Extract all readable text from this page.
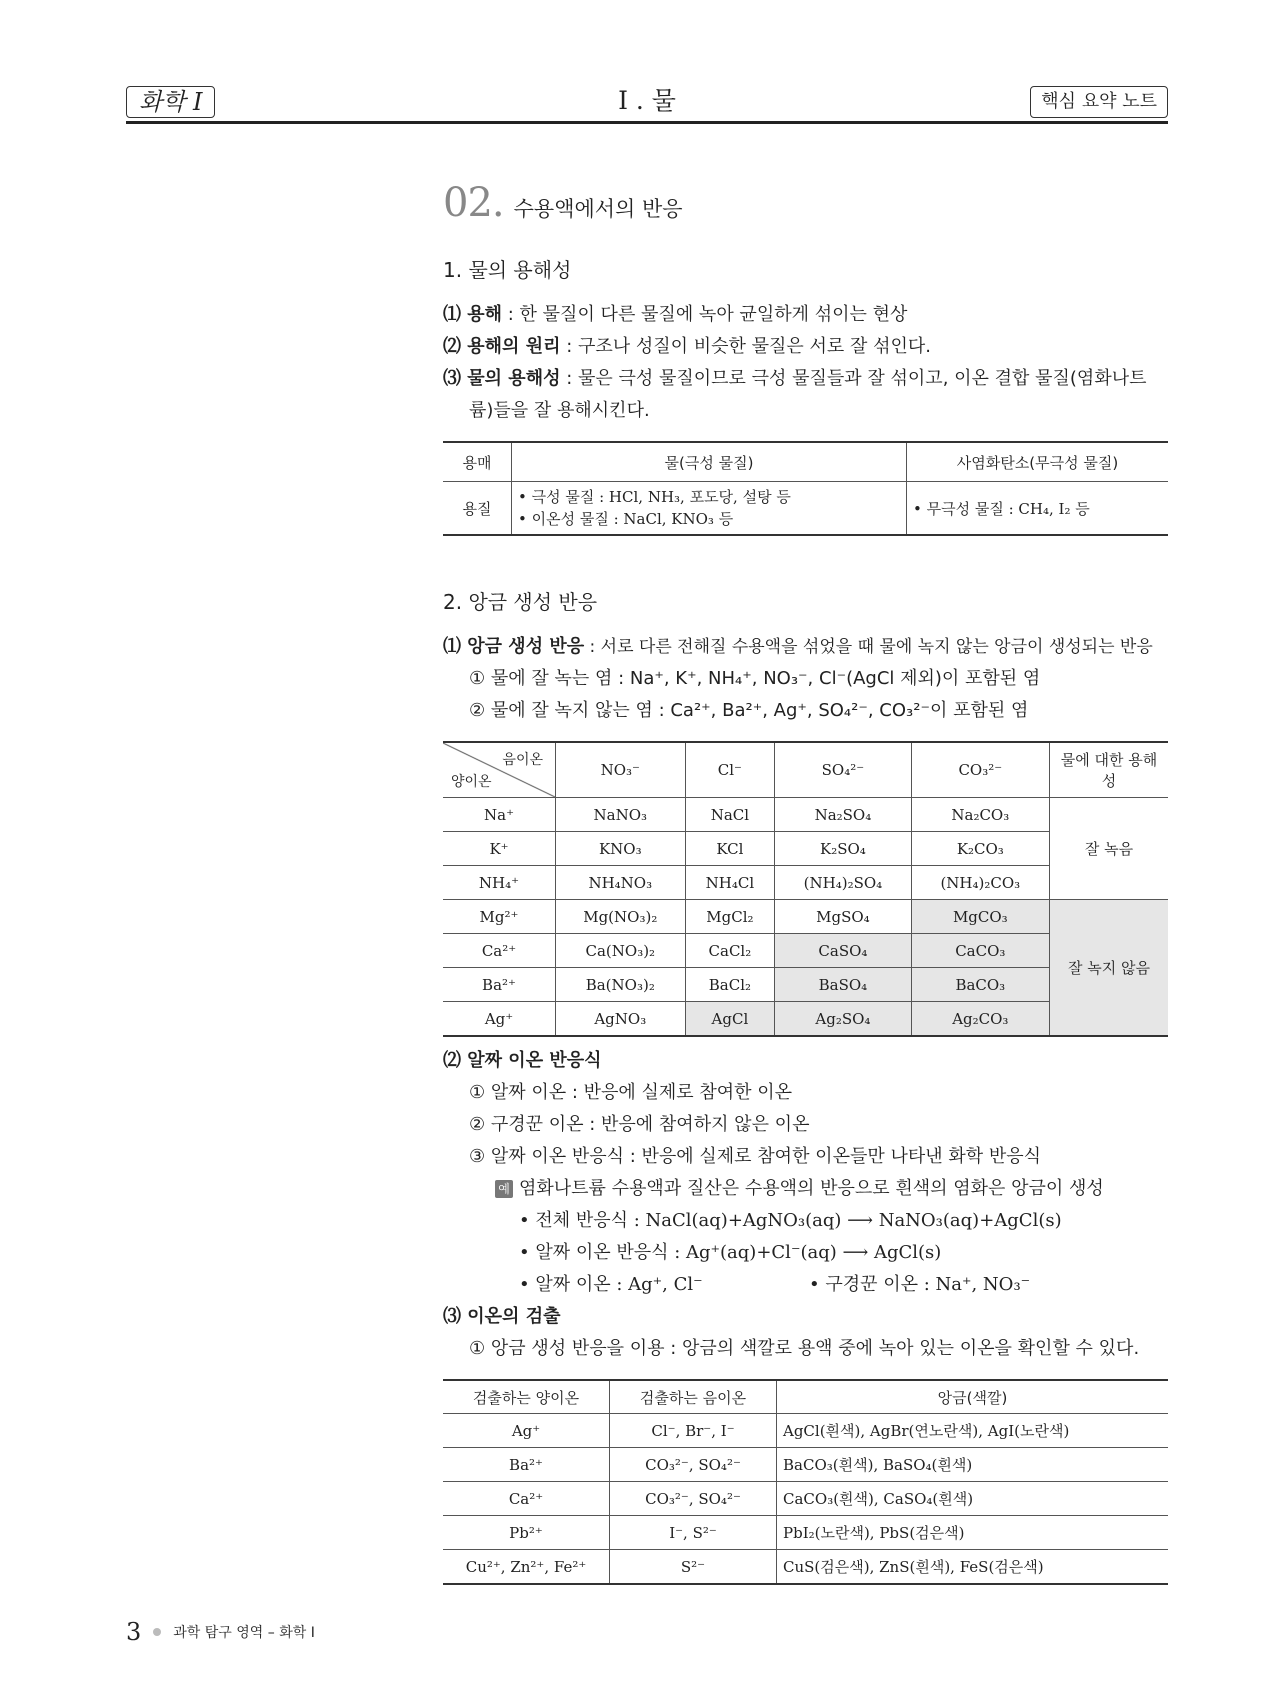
화학 I	I . 물	핵심 요약 노트
02. 수용액에서의 반응
1. 물의 용해성

⑴ 용해 : 한 물질이 다른 물질에 녹아 균일하게 섞이는 현상

⑵ 용해의 원리 : 구조나 성질이 비슷한 물질은 서로 잘 섞인다.

⑶ 물의 용해성 : 물은 극성 물질이므로 극성 물질들과 잘 섞이고, 이온 결합 물질(염화나트

륨)들을 잘 용해시킨다.

용매	물(극성 물질)	사염화탄소(무극성 물질)
용질	• 극성 물질 : HCl, NH₃, 포도당, 설탕 등
• 이온성 물질 : NaCl, KNO₃ 등	• 무극성 물질 : CH₄, I₂ 등
2. 앙금 생성 반응

⑴ 앙금 생성 반응 : 서로 다른 전해질 수용액을 섞었을 때 물에 녹지 않는 앙금이 생성되는 반응

① 물에 잘 녹는 염 : Na⁺, K⁺, NH₄⁺, NO₃⁻, Cl⁻(AgCl 제외)이 포함된 염

② 물에 잘 녹지 않는 염 : Ca²⁺, Ba²⁺, Ag⁺, SO₄²⁻, CO₃²⁻이 포함된 염

음이온
양이온	NO₃⁻	Cl⁻	SO₄²⁻	CO₃²⁻	물에 대한 용해성
Na⁺	NaNO₃	NaCl	Na₂SO₄	Na₂CO₃	잘 녹음
K⁺	KNO₃	KCl	K₂SO₄	K₂CO₃	
NH₄⁺	NH₄NO₃	NH₄Cl	(NH₄)₂SO₄	(NH₄)₂CO₃	
Mg²⁺	Mg(NO₃)₂	MgCl₂	MgSO₄	MgCO₃	잘 녹지 않음
Ca²⁺	Ca(NO₃)₂	CaCl₂	CaSO₄	CaCO₃	
Ba²⁺	Ba(NO₃)₂	BaCl₂	BaSO₄	BaCO₃	
Ag⁺	AgNO₃	AgCl	Ag₂SO₄	Ag₂CO₃	

⑵ 알짜 이온 반응식

① 알짜 이온 : 반응에 실제로 참여한 이온

② 구경꾼 이온 : 반응에 참여하지 않은 이온

③ 알짜 이온 반응식 : 반응에 실제로 참여한 이온들만 나타낸 화학 반응식

예 염화나트륨 수용액과 질산은 수용액의 반응으로 흰색의 염화은 앙금이 생성

• 전체 반응식 : NaCl(aq)+AgNO₃(aq) ⟶ NaNO₃(aq)+AgCl(s)

• 알짜 이온 반응식 : Ag⁺(aq)+Cl⁻(aq) ⟶ AgCl(s)

• 알짜 이온 : Ag⁺, Cl⁻	• 구경꾼 이온 : Na⁺, NO₃⁻

⑶ 이온의 검출

① 앙금 생성 반응을 이용 : 앙금의 색깔로 용액 중에 녹아 있는 이온을 확인할 수 있다.

검출하는 양이온	검출하는 음이온	앙금(색깔)
Ag⁺	Cl⁻, Br⁻, I⁻	AgCl(흰색), AgBr(연노란색), AgI(노란색)
Ba²⁺	CO₃²⁻, SO₄²⁻	BaCO₃(흰색), BaSO₄(흰색)
Ca²⁺	CO₃²⁻, SO₄²⁻	CaCO₃(흰색), CaSO₄(흰색)
Pb²⁺	I⁻, S²⁻	PbI₂(노란색), PbS(검은색)
Cu²⁺, Zn²⁺, Fe²⁺	S²⁻	CuS(검은색), ZnS(흰색), FeS(검은색)
3 과학 탐구 영역 – 화학 I
